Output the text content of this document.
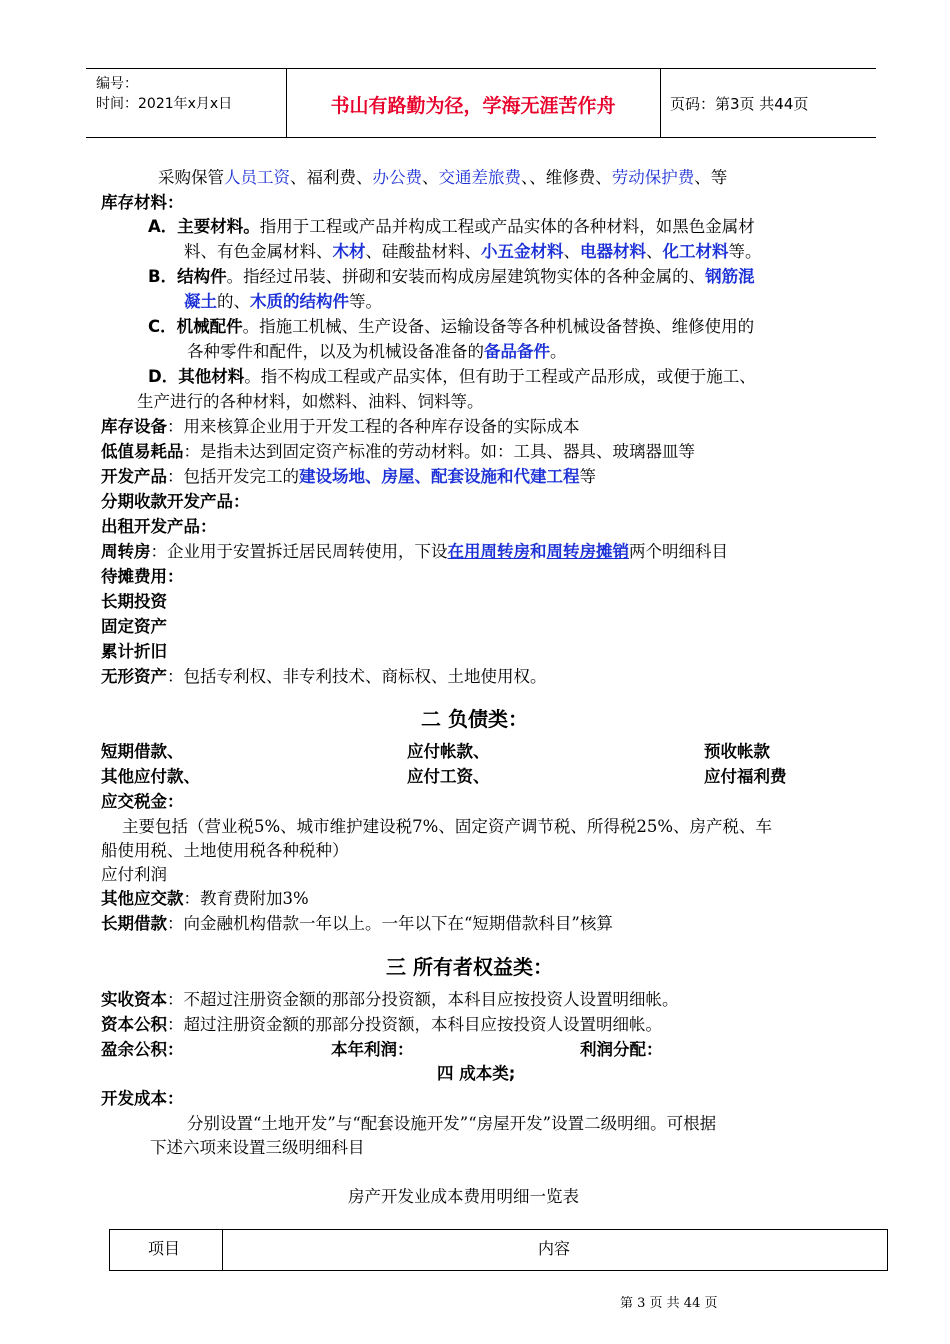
编号：
时间：2021年x月x日	书山有路勤为径，学海无涯苦作舟	页码：第3页 共44页
采购保管人员工资、福利费、办公费、交通差旅费、、维修费、劳动保护费、等
库存材料：
A．主要材料。指用于工程或产品并构成工程或产品实体的各种材料，如黑色金属材
料、有色金属材料、木材、硅酸盐材料、小五金材料、电器材料、化工材料等。
B．结构件。指经过吊装、拼砌和安装而构成房屋建筑物实体的各种金属的、钢筋混
凝土的、木质的结构件等。
C．机械配件。指施工机械、生产设备、运输设备等各种机械设备替换、维修使用的
各种零件和配件，以及为机械设备准备的备品备件。
D．其他材料。指不构成工程或产品实体，但有助于工程或产品形成，或便于施工、
生产进行的各种材料，如燃料、油料、饲料等。
库存设备：用来核算企业用于开发工程的各种库存设备的实际成本
低值易耗品：是指未达到固定资产标准的劳动材料。如：工具、器具、玻璃器皿等
开发产品：包括开发完工的建设场地、房屋、配套设施和代建工程等
分期收款开发产品：
出租开发产品：
周转房：企业用于安置拆迁居民周转使用，下设在用周转房和周转房摊销两个明细科目
待摊费用：
长期投资
固定资产
累计折旧
无形资产：包括专利权、非专利技术、商标权、土地使用权。
二 负债类：
短期借款、	应付帐款、	预收帐款
其他应付款、	应付工资、	应付福利费
应交税金：
主要包括（营业税5%、城市维护建设税7%、固定资产调节税、所得税25%、房产税、车
船使用税、土地使用税各种税种）
应付利润
其他应交款：教育费附加3%
长期借款：向金融机构借款一年以上。一年以下在“短期借款科目”核算
三 所有者权益类：
实收资本：不超过注册资金额的那部分投资额，本科目应按投资人设置明细帐。
资本公积：超过注册资金额的那部分投资额，本科目应按投资人设置明细帐。
盈余公积：	本年利润：	利润分配：
四 成本类;
开发成本：
分别设置“土地开发”与“配套设施开发”“房屋开发”设置二级明细。可根据
下述六项来设置三级明细科目
房产开发业成本费用明细一览表
项目	内容
第 3 页 共 44 页
